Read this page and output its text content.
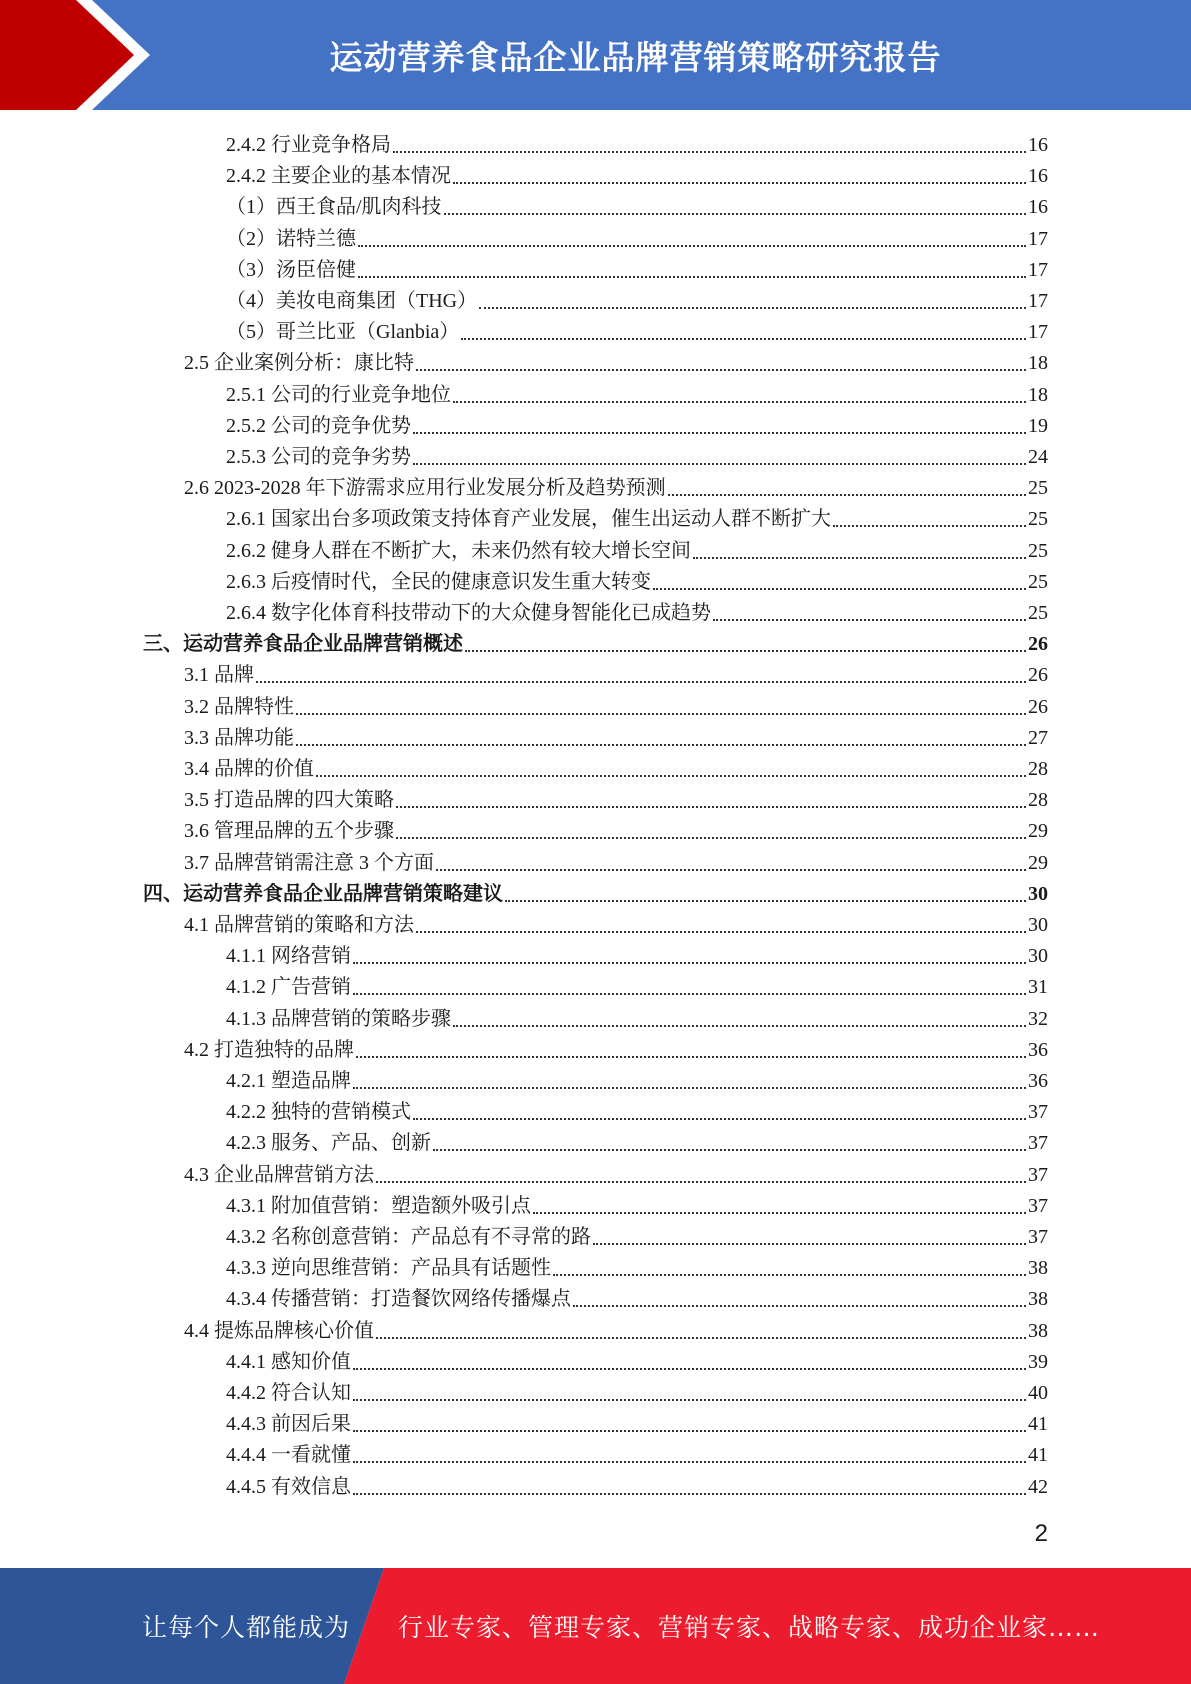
运动营养食品企业品牌营销策略研究报告
2.4.2 行业竞争格局	16
2.4.2 主要企业的基本情况	16
（1）西王食品/肌肉科技	16
（2）诺特兰德	17
（3）汤臣倍健	17
（4）美妆电商集团（THG）	17
（5）哥兰比亚（Glanbia）	17
2.5 企业案例分析：康比特	18
2.5.1 公司的行业竞争地位	18
2.5.2 公司的竞争优势	19
2.5.3 公司的竞争劣势	24
2.6 2023-2028 年下游需求应用行业发展分析及趋势预测	25
2.6.1 国家出台多项政策支持体育产业发展，催生出运动人群不断扩大	25
2.6.2 健身人群在不断扩大，未来仍然有较大增长空间	25
2.6.3 后疫情时代，全民的健康意识发生重大转变	25
2.6.4 数字化体育科技带动下的大众健身智能化已成趋势	25
三、运动营养食品企业品牌营销概述	26
3.1 品牌	26
3.2 品牌特性	26
3.3 品牌功能	27
3.4 品牌的价值	28
3.5 打造品牌的四大策略	28
3.6 管理品牌的五个步骤	29
3.7 品牌营销需注意 3 个方面	29
四、运动营养食品企业品牌营销策略建议	30
4.1 品牌营销的策略和方法	30
4.1.1 网络营销	30
4.1.2 广告营销	31
4.1.3 品牌营销的策略步骤	32
4.2 打造独特的品牌	36
4.2.1 塑造品牌	36
4.2.2 独特的营销模式	37
4.2.3 服务、产品、创新	37
4.3 企业品牌营销方法	37
4.3.1 附加值营销：塑造额外吸引点	37
4.3.2 名称创意营销：产品总有不寻常的路	37
4.3.3 逆向思维营销：产品具有话题性	38
4.3.4 传播营销：打造餐饮网络传播爆点	38
4.4 提炼品牌核心价值	38
4.4.1 感知价值	39
4.4.2 符合认知	40
4.4.3 前因后果	41
4.4.4 一看就懂	41
4.4.5 有效信息	42
2
让每个人都能成为 行业专家、管理专家、营销专家、战略专家、成功企业家……
